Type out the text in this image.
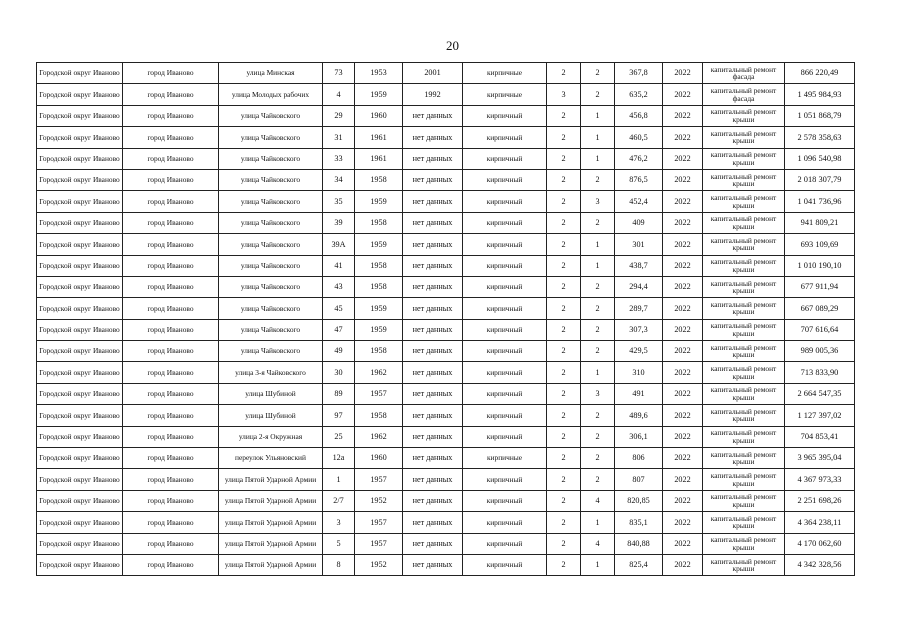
20
Городской округ Иваново	город Иваново	улица Минская	73	1953	2001	кирпичные	2	2	367,8	2022	капитальный ремонт фасада	866 220,49
Городской округ Иваново	город Иваново	улица Молодых рабочих	4	1959	1992	кирпичные	3	2	635,2	2022	капитальный ремонт фасада	1 495 984,93
Городской округ Иваново	город Иваново	улица Чайковского	29	1960	нет данных	кирпичный	2	1	456,8	2022	капитальный ремонт крыши	1 051 868,79
Городской округ Иваново	город Иваново	улица Чайковского	31	1961	нет данных	кирпичный	2	1	460,5	2022	капитальный ремонт крыши	2 578 358,63
Городской округ Иваново	город Иваново	улица Чайковского	33	1961	нет данных	кирпичный	2	1	476,2	2022	капитальный ремонт крыши	1 096 540,98
Городской округ Иваново	город Иваново	улица Чайковского	34	1958	нет данных	кирпичный	2	2	876,5	2022	капитальный ремонт крыши	2 018 307,79
Городской округ Иваново	город Иваново	улица Чайковского	35	1959	нет данных	кирпичный	2	3	452,4	2022	капитальный ремонт крыши	1 041 736,96
Городской округ Иваново	город Иваново	улица Чайковского	39	1958	нет данных	кирпичный	2	2	409	2022	капитальный ремонт крыши	941 809,21
Городской округ Иваново	город Иваново	улица Чайковского	39А	1959	нет данных	кирпичный	2	1	301	2022	капитальный ремонт крыши	693 109,69
Городской округ Иваново	город Иваново	улица Чайковского	41	1958	нет данных	кирпичный	2	1	438,7	2022	капитальный ремонт крыши	1 010 190,10
Городской округ Иваново	город Иваново	улица Чайковского	43	1958	нет данных	кирпичный	2	2	294,4	2022	капитальный ремонт крыши	677 911,94
Городской округ Иваново	город Иваново	улица Чайковского	45	1959	нет данных	кирпичный	2	2	289,7	2022	капитальный ремонт крыши	667 089,29
Городской округ Иваново	город Иваново	улица Чайковского	47	1959	нет данных	кирпичный	2	2	307,3	2022	капитальный ремонт крыши	707 616,64
Городской округ Иваново	город Иваново	улица Чайковского	49	1958	нет данных	кирпичный	2	2	429,5	2022	капитальный ремонт крыши	989 005,36
Городской округ Иваново	город Иваново	улица 3-я Чайковского	30	1962	нет данных	кирпичный	2	1	310	2022	капитальный ремонт крыши	713 833,90
Городской округ Иваново	город Иваново	улица Шубиной	89	1957	нет данных	кирпичный	2	3	491	2022	капитальный ремонт крыши	2 664 547,35
Городской округ Иваново	город Иваново	улица Шубиной	97	1958	нет данных	кирпичный	2	2	489,6	2022	капитальный ремонт крыши	1 127 397,02
Городской округ Иваново	город Иваново	улица 2-я Окружная	25	1962	нет данных	кирпичный	2	2	306,1	2022	капитальный ремонт крыши	704 853,41
Городской округ Иваново	город Иваново	переулок Ульяновский	12а	1960	нет данных	кирпичные	2	2	806	2022	капитальный ремонт крыши	3 965 395,04
Городской округ Иваново	город Иваново	улица Пятой Ударной Армии	1	1957	нет данных	кирпичный	2	2	807	2022	капитальный ремонт крыши	4 367 973,33
Городской округ Иваново	город Иваново	улица Пятой Ударной Армии	2/7	1952	нет данных	кирпичный	2	4	820,85	2022	капитальный ремонт крыши	2 251 698,26
Городской округ Иваново	город Иваново	улица Пятой Ударной Армии	3	1957	нет данных	кирпичный	2	1	835,1	2022	капитальный ремонт крыши	4 364 238,11
Городской округ Иваново	город Иваново	улица Пятой Ударной Армии	5	1957	нет данных	кирпичный	2	4	840,88	2022	капитальный ремонт крыши	4 170 062,60
Городской округ Иваново	город Иваново	улица Пятой Ударной Армии	8	1952	нет данных	кирпичный	2	1	825,4	2022	капитальный ремонт крыши	4 342 328,56
